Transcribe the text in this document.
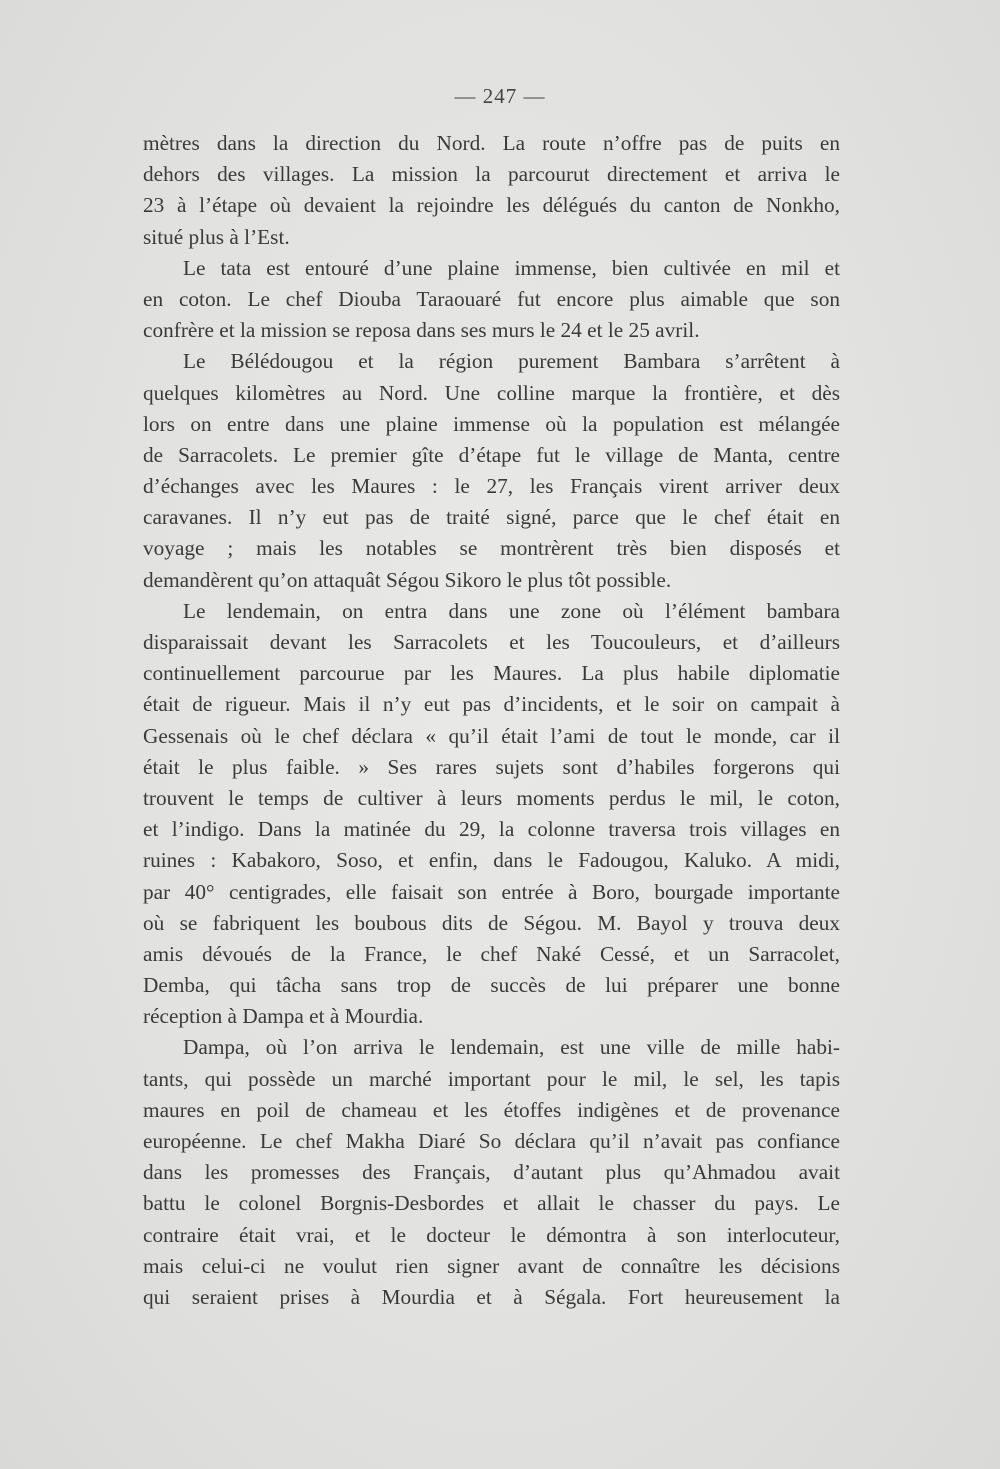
— 247 —
mètres dans la direction du Nord. La route n’offre pas de puits en
dehors des villages. La mission la parcourut directement et arriva le
23 à l’étape où devaient la rejoindre les délégués du canton de Nonkho,
situé plus à l’Est.
Le tata est entouré d’une plaine immense, bien cultivée en mil et
en coton. Le chef Diouba Taraouaré fut encore plus aimable que son
confrère et la mission se reposa dans ses murs le 24 et le 25 avril.
Le Bélédougou et la région purement Bambara s’arrêtent à
quelques kilomètres au Nord. Une colline marque la frontière, et dès
lors on entre dans une plaine immense où la population est mélangée
de Sarracolets. Le premier gîte d’étape fut le village de Manta, centre
d’échanges avec les Maures : le 27, les Français virent arriver deux
caravanes. Il n’y eut pas de traité signé, parce que le chef était en
voyage ; mais les notables se montrèrent très bien disposés et
demandèrent qu’on attaquât Ségou Sikoro le plus tôt possible.
Le lendemain, on entra dans une zone où l’élément bambara
disparaissait devant les Sarracolets et les Toucouleurs, et d’ailleurs
continuellement parcourue par les Maures. La plus habile diplomatie
était de rigueur. Mais il n’y eut pas d’incidents, et le soir on campait à
Gessenais où le chef déclara « qu’il était l’ami de tout le monde, car il
était le plus faible. » Ses rares sujets sont d’habiles forgerons qui
trouvent le temps de cultiver à leurs moments perdus le mil, le coton,
et l’indigo. Dans la matinée du 29, la colonne traversa trois villages en
ruines : Kabakoro, Soso, et enfin, dans le Fadougou, Kaluko. A midi,
par 40° centigrades, elle faisait son entrée à Boro, bourgade importante
où se fabriquent les boubous dits de Ségou. M. Bayol y trouva deux
amis dévoués de la France, le chef Naké Cessé, et un Sarracolet,
Demba, qui tâcha sans trop de succès de lui préparer une bonne
réception à Dampa et à Mourdia.
Dampa, où l’on arriva le lendemain, est une ville de mille habi-
tants, qui possède un marché important pour le mil, le sel, les tapis
maures en poil de chameau et les étoffes indigènes et de provenance
européenne. Le chef Makha Diaré So déclara qu’il n’avait pas confiance
dans les promesses des Français, d’autant plus qu’Ahmadou avait
battu le colonel Borgnis-Desbordes et allait le chasser du pays. Le
contraire était vrai, et le docteur le démontra à son interlocuteur,
mais celui-ci ne voulut rien signer avant de connaître les décisions
qui seraient prises à Mourdia et à Ségala. Fort heureusement la
